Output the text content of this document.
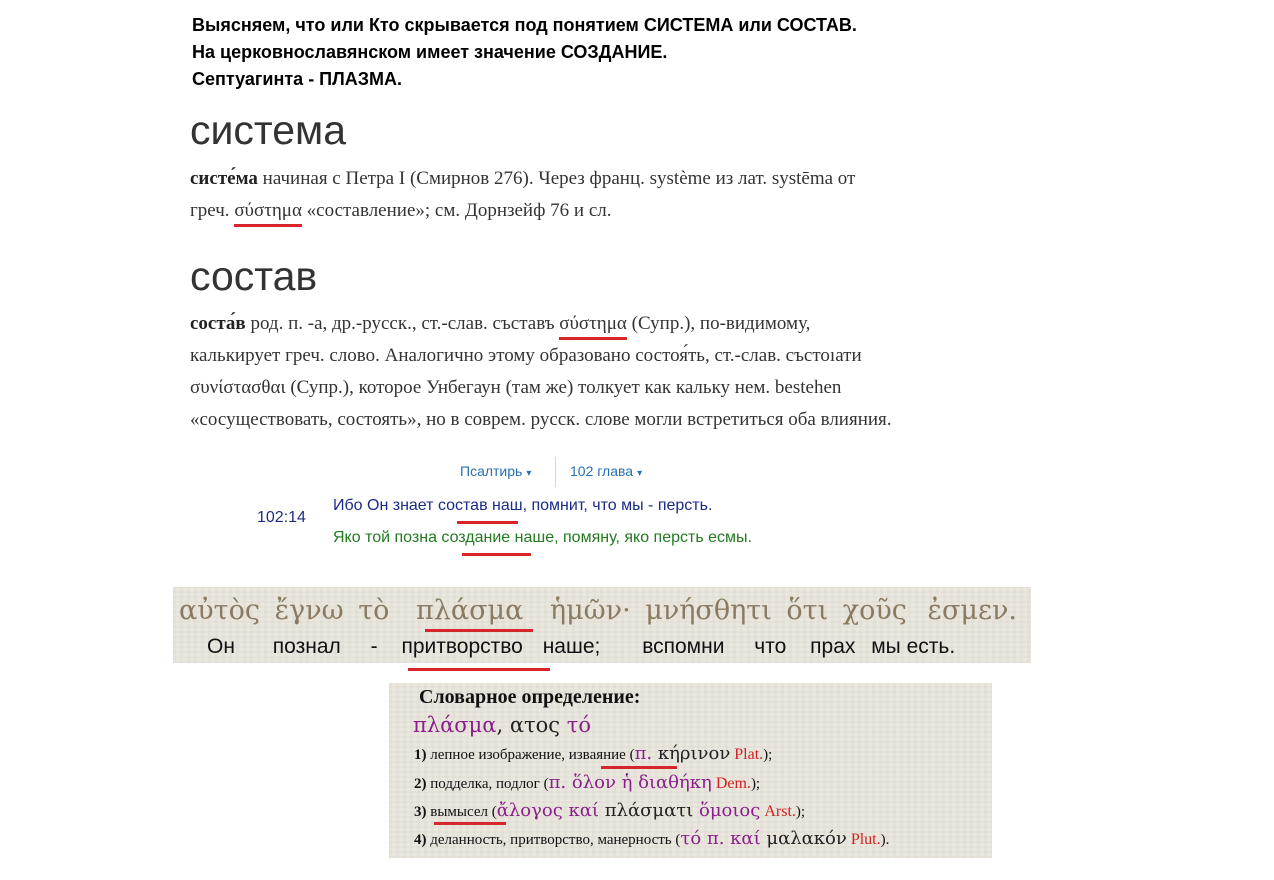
Выясняем, что или Кто скрывается под понятием СИСТЕМА или СОСТАВ.
На церковнославянском имеет значение СОЗДАНИЕ.
Септуагинта - ПЛАЗМА.
система
систе́ма начиная с Петра I (Смирнов 276). Через франц. systѐme из лат. systēma от
греч. σύστημα «составление»; см. Дорнзейф 76 и сл.
состав
соста́в род. п. -а, др.-русск., ст.-слав. съставъ σύστημα (Супр.), по-видимому,
калькирует греч. слово. Аналогично этому образовано состоя́ть, ст.-слав. състоıати
συνίστασθαι (Супр.), которое Унбегаун (там же) толкует как кальку нем. bestehen
«сосуществовать, состоять», но в соврем. русск. слове могли встретиться оба влияния.
Псалтирь ▾	102 глава ▾
102:14
Ибо Он знает состав наш, помнит, что мы - персть.
Яко той позна создание наше, помяну, яко персть есмы.
αὐτὸς ἔγνω τὸ πλάσμα ἡμῶν· μνήσθητι ὅτι χοῦς ἐσμεν.
Он познал - притворство наше; вспомни что прах мы есть.
Словарное определение:
πλάσμα, ατος τό
1) лепное изображение, изваяние (π. κήρινον Plat.);
2) подделка, подлог (π. ὅλον ἡ διαθήκη Dem.);
3) вымысел (ἄλογος καί πλάσματι ὅμοιος Arst.);
4) деланность, притворство, манерность (τό π. καί μαλακόν Plut.).
